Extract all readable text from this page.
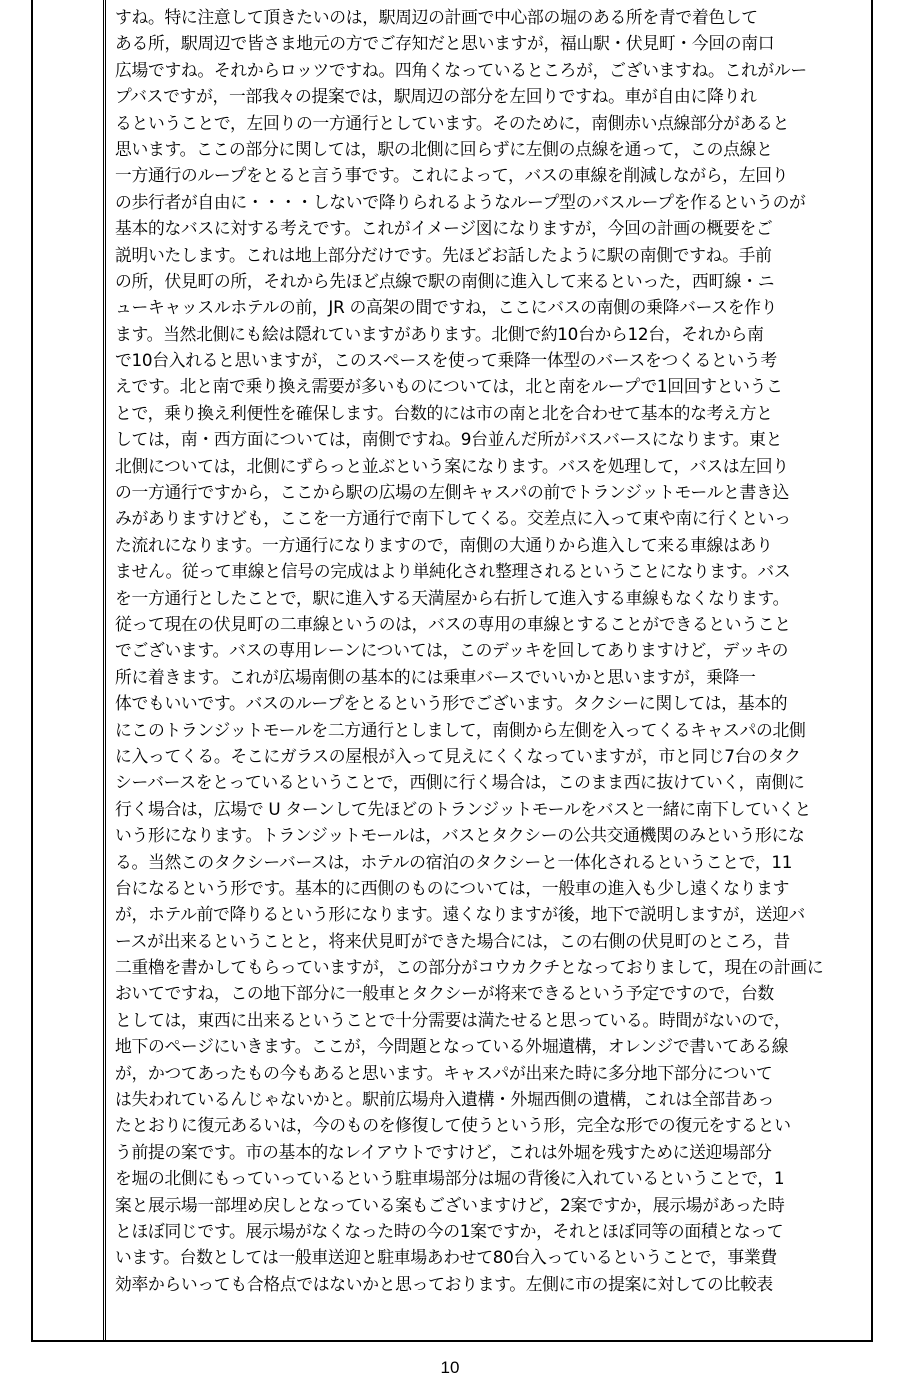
すね。特に注意して頂きたいのは，駅周辺の計画で中心部の堀のある所を青で着色して
ある所，駅周辺で皆さま地元の方でご存知だと思いますが，福山駅・伏見町・今回の南口
広場ですね。それからロッツですね。四角くなっているところが，ございますね。これがルー
プバスですが，一部我々の提案では，駅周辺の部分を左回りですね。車が自由に降りれ
るということで，左回りの一方通行としています。そのために，南側赤い点線部分があると
思います。ここの部分に関しては，駅の北側に回らずに左側の点線を通って，この点線と
一方通行のループをとると言う事です。これによって，バスの車線を削減しながら，左回り
の歩行者が自由に・・・・しないで降りられるようなループ型のバスループを作るというのが
基本的なバスに対する考えです。これがイメージ図になりますが，今回の計画の概要をご
説明いたします。これは地上部分だけです。先ほどお話したように駅の南側ですね。手前
の所，伏見町の所，それから先ほど点線で駅の南側に進入して来るといった，西町線・ニ
ューキャッスルホテルの前，JR の高架の間ですね，ここにバスの南側の乗降バースを作り
ます。当然北側にも絵は隠れていますがあります。北側で約10台から12台，それから南
で10台入れると思いますが，このスペースを使って乗降一体型のバースをつくるという考
えです。北と南で乗り換え需要が多いものについては，北と南をループで1回回すというこ
とで，乗り換え利便性を確保します。台数的には市の南と北を合わせて基本的な考え方と
しては，南・西方面については，南側ですね。9台並んだ所がバスバースになります。東と
北側については，北側にずらっと並ぶという案になります。バスを処理して，バスは左回り
の一方通行ですから，ここから駅の広場の左側キャスパの前でトランジットモールと書き込
みがありますけども，ここを一方通行で南下してくる。交差点に入って東や南に行くといっ
た流れになります。一方通行になりますので，南側の大通りから進入して来る車線はあり
ません。従って車線と信号の完成はより単純化され整理されるということになります。バス
を一方通行としたことで，駅に進入する天満屋から右折して進入する車線もなくなります。
従って現在の伏見町の二車線というのは，バスの専用の車線とすることができるということ
でございます。バスの専用レーンについては，このデッキを回してありますけど，デッキの
所に着きます。これが広場南側の基本的には乗車バースでいいかと思いますが，乗降一
体でもいいです。バスのループをとるという形でございます。タクシーに関しては，基本的
にこのトランジットモールを二方通行としまして，南側から左側を入ってくるキャスパの北側
に入ってくる。そこにガラスの屋根が入って見えにくくなっていますが，市と同じ7台のタク
シーバースをとっているということで，西側に行く場合は，このまま西に抜けていく，南側に
行く場合は，広場で U ターンして先ほどのトランジットモールをバスと一緒に南下していくと
いう形になります。トランジットモールは，バスとタクシーの公共交通機関のみという形にな
る。当然このタクシーバースは，ホテルの宿泊のタクシーと一体化されるということで，11
台になるという形です。基本的に西側のものについては，一般車の進入も少し遠くなります
が，ホテル前で降りるという形になります。遠くなりますが後，地下で説明しますが，送迎バ
ースが出来るということと，将来伏見町ができた場合には，この右側の伏見町のところ，昔
二重櫓を書かしてもらっていますが，この部分がコウカクチとなっておりまして，現在の計画に
おいてですね，この地下部分に一般車とタクシーが将来できるという予定ですので，台数
としては，東西に出来るということで十分需要は満たせると思っている。時間がないので，
地下のページにいきます。ここが，今問題となっている外堀遺構，オレンジで書いてある線
が，かつてあったもの今もあると思います。キャスパが出来た時に多分地下部分について
は失われているんじゃないかと。駅前広場舟入遺構・外堀西側の遺構，これは全部昔あっ
たとおりに復元あるいは，今のものを修復して使うという形，完全な形での復元をするとい
う前提の案です。市の基本的なレイアウトですけど，これは外堀を残すために送迎場部分
を堀の北側にもっていっているという駐車場部分は堀の背後に入れているということで，1
案と展示場一部埋め戻しとなっている案もございますけど，2案ですか，展示場があった時
とほぼ同じです。展示場がなくなった時の今の1案ですか，それとほぼ同等の面積となって
います。台数としては一般車送迎と駐車場あわせて80台入っているということで，事業費
効率からいっても合格点ではないかと思っております。左側に市の提案に対しての比較表
10
